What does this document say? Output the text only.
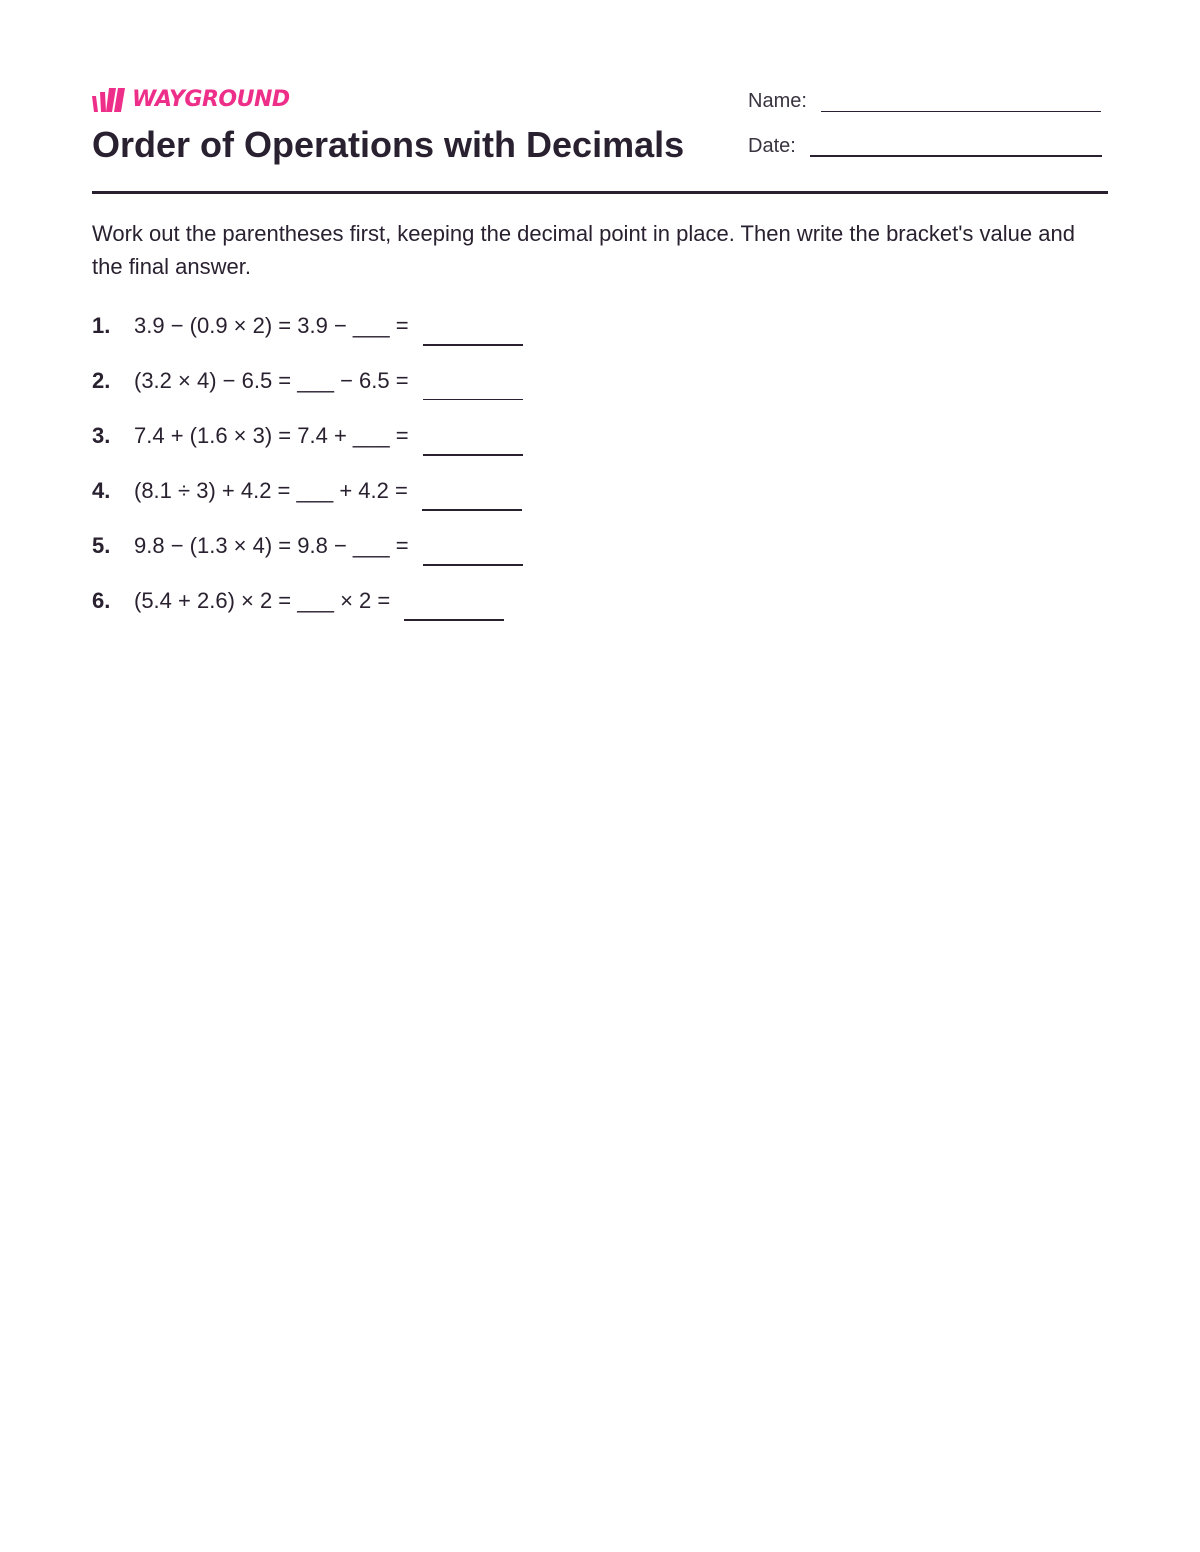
WAYGROUND
Order of Operations with Decimals
Name:
Date:

Work out the parentheses first, keeping the decimal point in place. Then write the bracket's value and the final answer.

1.	3.9 − (0.9 × 2) = 3.9 − ___ =
2.	(3.2 × 4) − 6.5 = ___ − 6.5 =
3.	7.4 + (1.6 × 3) = 7.4 + ___ =
4.	(8.1 ÷ 3) + 4.2 = ___ + 4.2 =
5.	9.8 − (1.3 × 4) = 9.8 − ___ =
6.	(5.4 + 2.6) × 2 = ___ × 2 =
